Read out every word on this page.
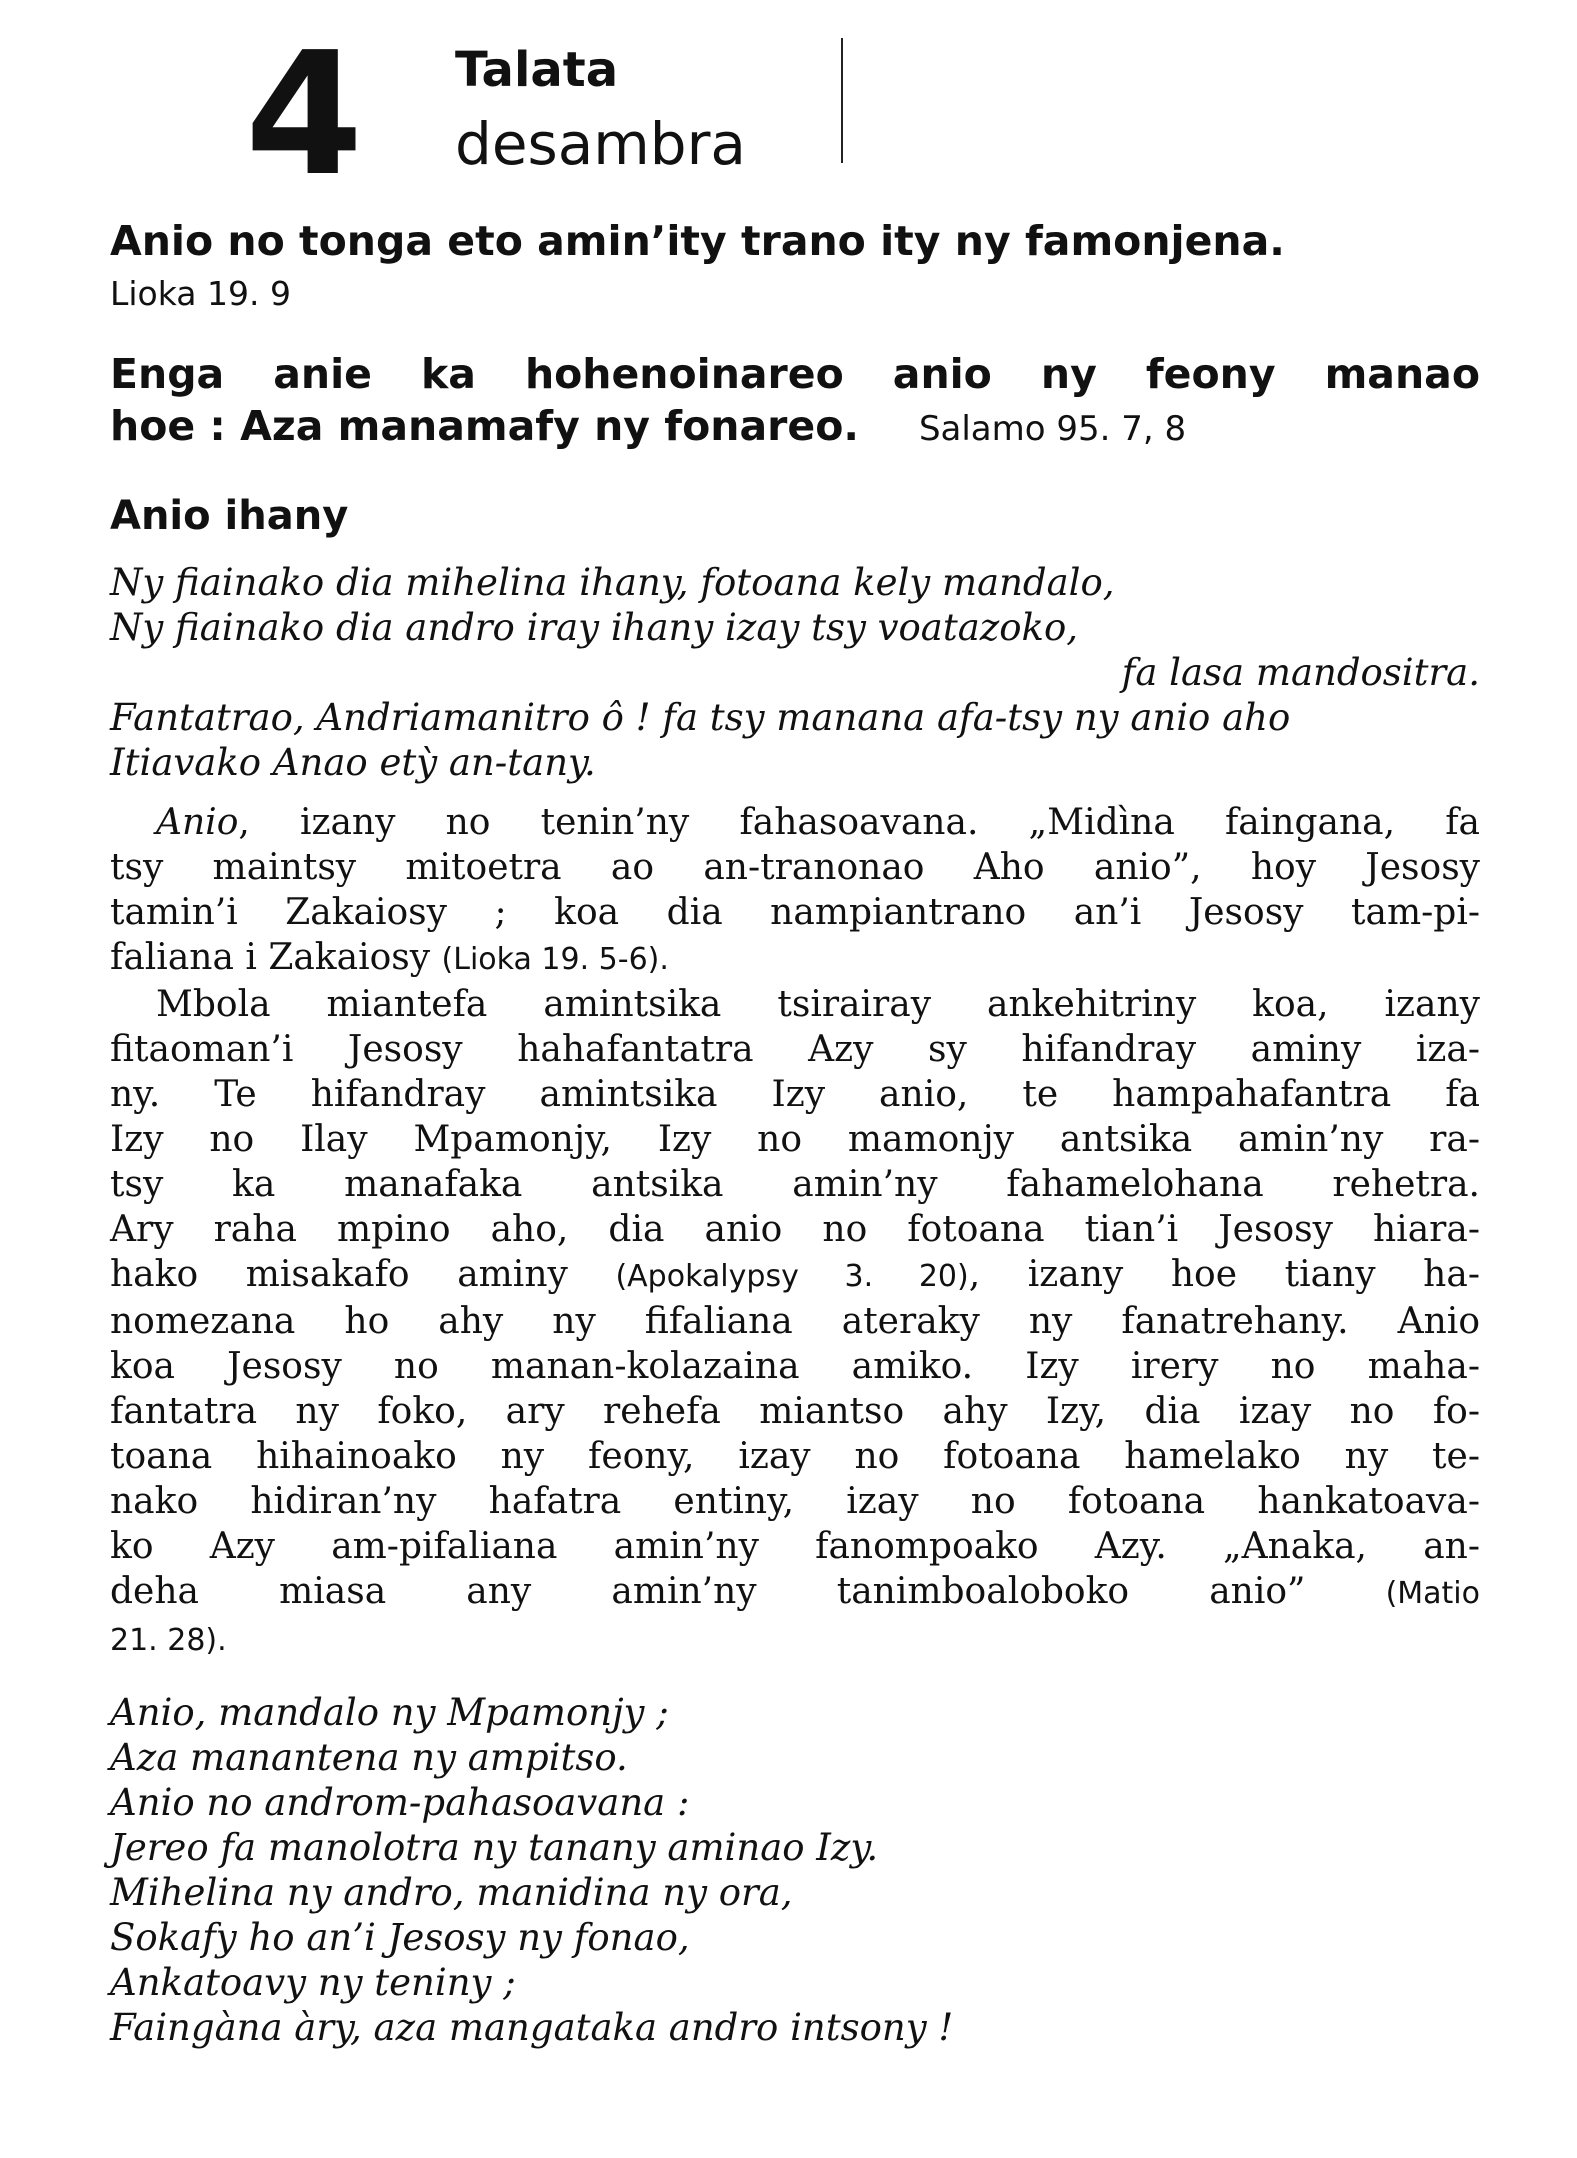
4 Talata
desambra
Anio no tonga eto amin’ity trano ity ny famonjena.
Lioka 19. 9
Enga anie ka hohenoinareo anio ny feony manao
hoe : Aza manamafy ny fonareo. Salamo 95. 7, 8
Anio ihany
Ny fiainako dia mihelina ihany, fotoana kely mandalo,
Ny fiainako dia andro iray ihany izay tsy voatazoko,
fa lasa mandositra.
Fantatrao, Andriamanitro ô ! fa tsy manana afa-tsy ny anio aho
Itiavako Anao etỳ an-tany.
Anio, izany no tenin’ny fahasoavana. „Midìna faingana, fa
tsy maintsy mitoetra ao an-tranonao Aho anio”, hoy Jesosy
tamin’i Zakaiosy ; koa dia nampiantrano an’i Jesosy tam-pi-
faliana i Zakaiosy (Lioka 19. 5-6).
Mbola miantefa amintsika tsirairay ankehitriny koa, izany
fitaoman’i Jesosy hahafantatra Azy sy hifandray aminy iza-
ny. Te hifandray amintsika Izy anio, te hampahafantra fa
Izy no Ilay Mpamonjy, Izy no mamonjy antsika amin’ny ra-
tsy ka manafaka antsika amin’ny fahamelohana rehetra.
Ary raha mpino aho, dia anio no fotoana tian’i Jesosy hiara-
hako misakafo aminy (Apokalypsy 3. 20), izany hoe tiany ha-
nomezana ho ahy ny fifaliana ateraky ny fanatrehany. Anio
koa Jesosy no manan-kolazaina amiko. Izy irery no maha-
fantatra ny foko, ary rehefa miantso ahy Izy, dia izay no fo-
toana hihainoako ny feony, izay no fotoana hamelako ny te-
nako hidiran’ny hafatra entiny, izay no fotoana hankatoava-
ko Azy am-pifaliana amin’ny fanompoako Azy. „Anaka, an-
deha miasa any amin’ny tanimboaloboko anio”	(Matio
21. 28).
Anio, mandalo ny Mpamonjy ;
Aza manantena ny ampitso.
Anio no androm-pahasoavana :
Jereo fa manolotra ny tanany aminao Izy.
Mihelina ny andro, manidina ny ora,
Sokafy ho an’i Jesosy ny fonao,
Ankatoavy ny teniny ;
Faingàna àry, aza mangataka andro intsony !
